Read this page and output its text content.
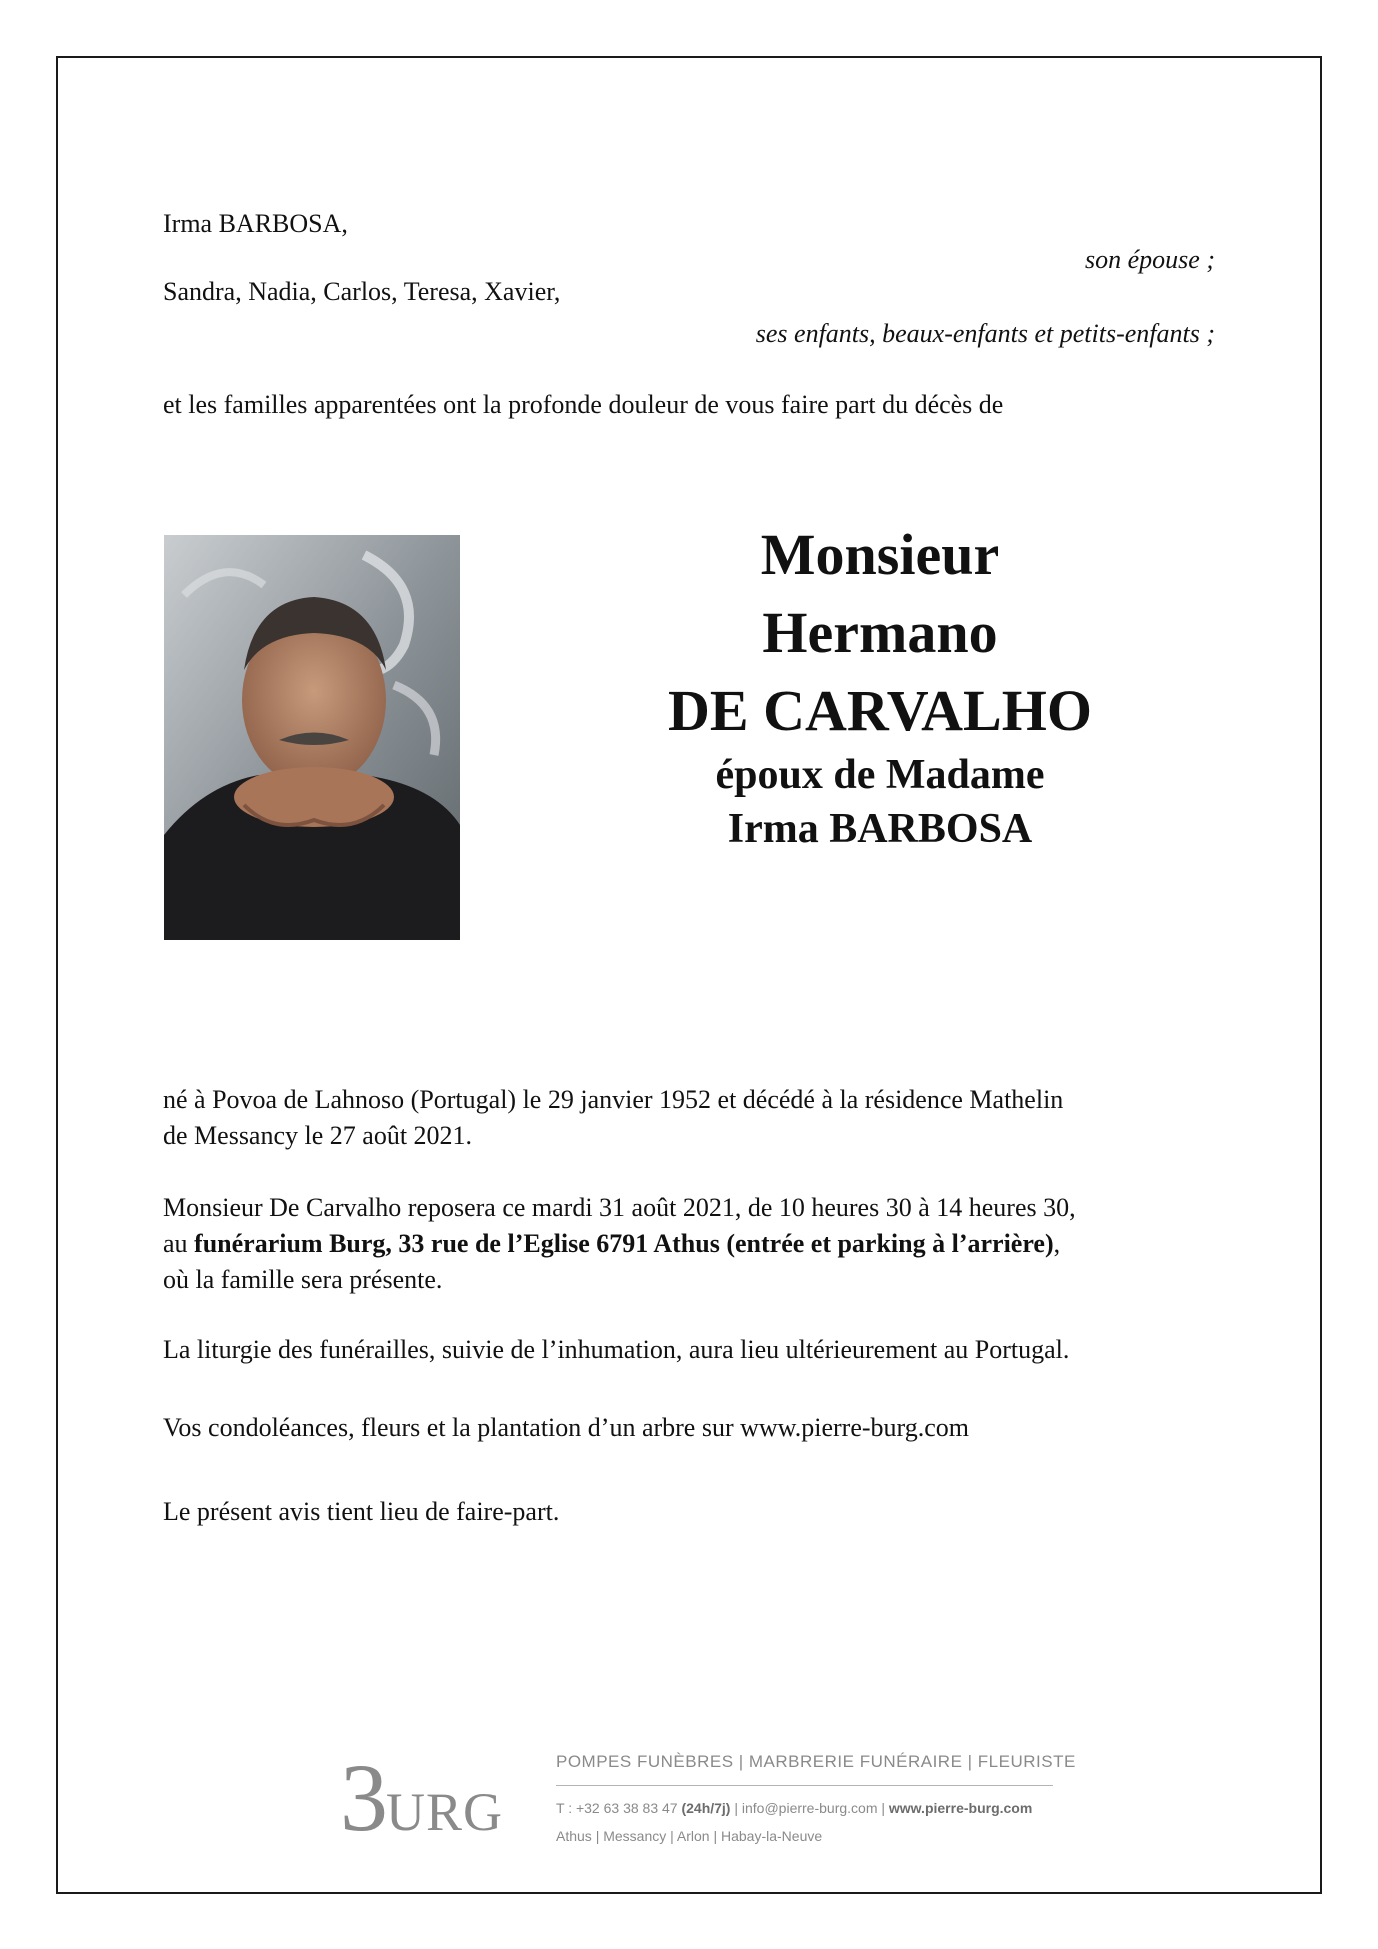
Irma BARBOSA,
son épouse ;
Sandra, Nadia, Carlos, Teresa, Xavier,
ses enfants, beaux-enfants et petits-enfants ;
et les familles apparentées ont la profonde douleur de vous faire part du décès de
Monsieur
Hermano
DE CARVALHO
époux de Madame
Irma BARBOSA
né à Povoa de Lahnoso (Portugal) le 29 janvier 1952 et décédé à la résidence Mathelin
de Messancy le 27 août 2021.
Monsieur De Carvalho reposera ce mardi 31 août 2021, de 10 heures 30 à 14 heures 30,
au funérarium Burg, 33 rue de l’Eglise 6791 Athus (entrée et parking à l’arrière),
où la famille sera présente.
La liturgie des funérailles, suivie de l’inhumation, aura lieu ultérieurement au Portugal.
Vos condoléances, fleurs et la plantation d’un arbre sur www.pierre-burg.com
Le présent avis tient lieu de faire-part.
3
URG
POMPES FUNÈBRES | MARBRERIE FUNÉRAIRE | FLEURISTE
T : +32 63 38 83 47 (24h/7j) | info@pierre-burg.com | www.pierre-burg.com
Athus | Messancy | Arlon | Habay-la-Neuve
